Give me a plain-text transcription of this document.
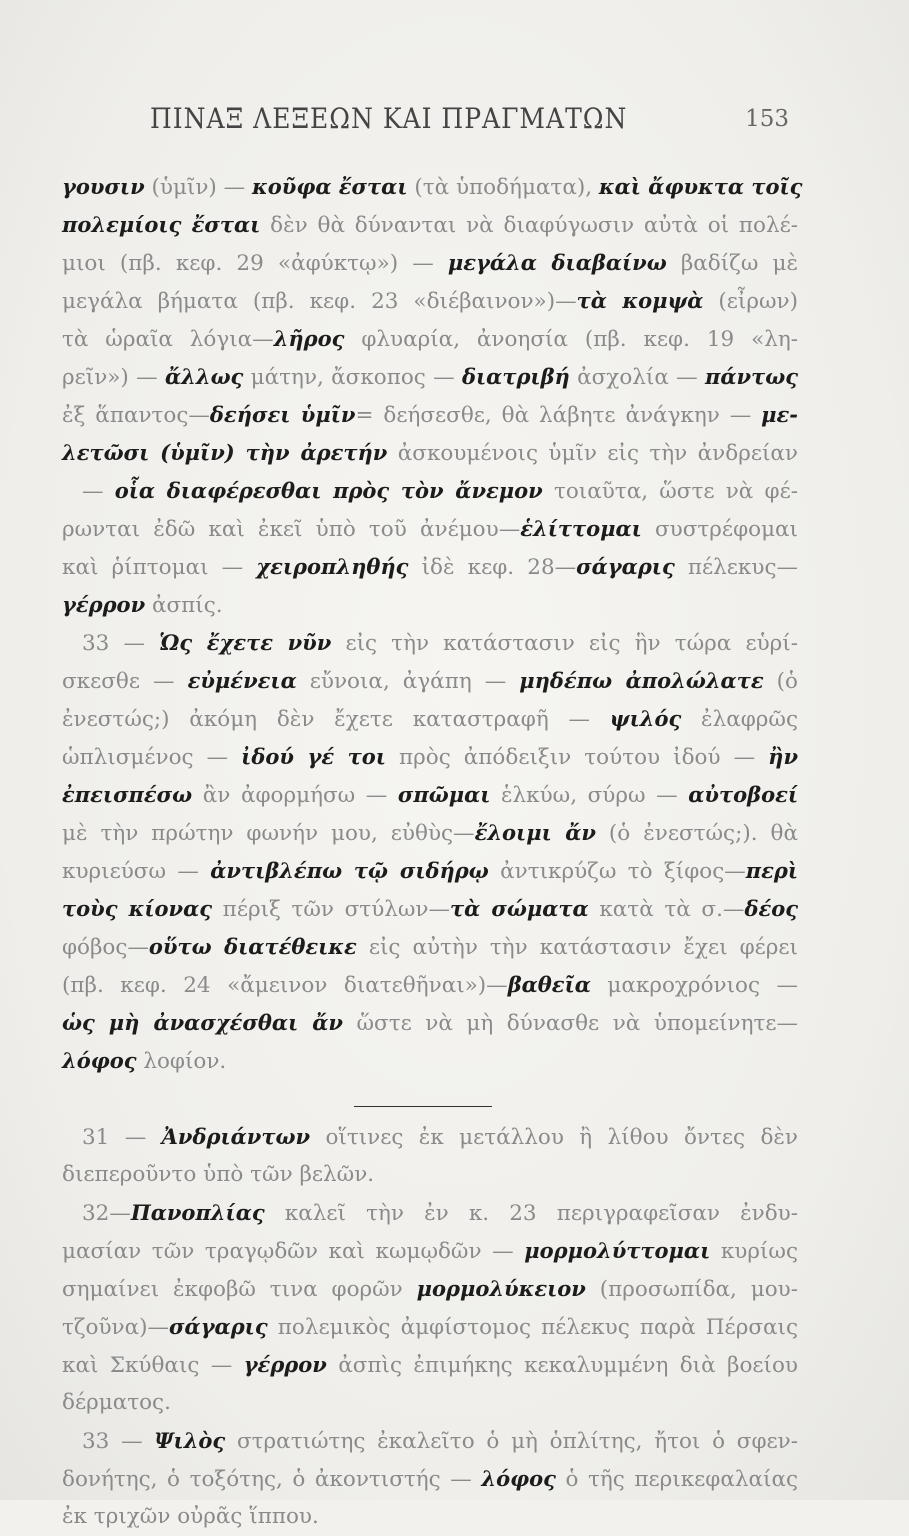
ΠΙΝΑΞ ΛΕΞΕΩΝ ΚΑΙ ΠΡΑΓΜΑΤΩΝ	153
γουσιν (ὑμῖν) — κοῦφα ἔσται (τὰ ὑποδήματα), καὶ ἄφυκτα τοῖς
πολεμίοις ἔσται δὲν θὰ δύνανται νὰ διαφύγωσιν αὐτὰ οἱ πολέ-
μιοι (πβ. κεφ. 29 «ἀφύκτῳ») — μεγάλα διαβαίνω βαδίζω μὲ
μεγάλα βήματα (πβ. κεφ. 23 «διέβαινον»)—τὰ κομψὰ (εἶρων)
τὰ ὡραῖα λόγια—λῆρος φλυαρία, ἀνοησία (πβ. κεφ. 19 «λη-
ρεῖν») — ἄλλως μάτην, ἄσκοπος — διατριβή ἀσχολία — πάντως
ἐξ ἅπαντος—δεήσει ὑμῖν= δεήσεσθε, θὰ λάβητε ἀνάγκην — με-
λετῶσι (ὑμῖν) τὴν ἀρετήν ἀσκουμένοις ὑμῖν εἰς τὴν ἀνδρείαν
— οἷα διαφέρεσθαι πρὸς τὸν ἄνεμον τοιαῦτα, ὥστε νὰ φέ-
ρωνται ἐδῶ καὶ ἐκεῖ ὑπὸ τοῦ ἀνέμου—ἑλίττομαι συστρέφομαι
καὶ ῥίπτομαι — χειροπληθής ἰδὲ κεφ. 28—σάγαρις πέλεκυς—
γέρρον ἀσπίς.
33 — Ὡς ἔχετε νῦν εἰς τὴν κατάστασιν εἰς ἣν τώρα εὑρί-
σκεσθε — εὐμένεια εὔνοια, ἀγάπη — μηδέπω ἀπολώλατε (ὁ
ἐνεστώς;) ἀκόμη δὲν ἔχετε καταστραφῆ — ψιλός ἐλαφρῶς
ὡπλισμένος — ἰδού γέ τοι πρὸς ἀπόδειξιν τούτου ἰδού — ἢν
ἐπεισπέσω ἂν ἀφορμήσω — σπῶμαι ἑλκύω, σύρω — αὐτοβοεί
μὲ τὴν πρώτην φωνήν μου, εὐθὺς—ἔλοιμι ἄν (ὁ ἐνεστώς;). θὰ
κυριεύσω — ἀντιβλέπω τῷ σιδήρῳ ἀντικρύζω τὸ ξίφος—περὶ
τοὺς κίονας πέριξ τῶν στύλων—τὰ σώματα κατὰ τὰ σ.—δέος
φόβος—οὕτω διατέθεικε εἰς αὐτὴν τὴν κατάστασιν ἔχει φέρει
(πβ. κεφ. 24 «ἄμεινον διατεθῆναι»)—βαθεῖα μακροχρόνιος —
ὡς μὴ ἀνασχέσθαι ἄν ὥστε νὰ μὴ δύνασθε νὰ ὑπομείνητε—
λόφος λοφίον.
31 — Ἀνδριάντων οἵτινες ἐκ μετάλλου ἢ λίθου ὄντες δὲν
διεπεροῦντο ὑπὸ τῶν βελῶν.
32—Πανοπλίας καλεῖ τὴν ἐν κ. 23 περιγραφεῖσαν ἐνδυ-
μασίαν τῶν τραγῳδῶν καὶ κωμῳδῶν — μορμολύττομαι κυρίως
σημαίνει ἐκφοβῶ τινα φορῶν μορμολύκειον (προσωπίδα, μου-
τζοῦνα)—σάγαρις πολεμικὸς ἀμφίστομος πέλεκυς παρὰ Πέρσαις
καὶ Σκύθαις — γέρρον ἀσπὶς ἐπιμήκης κεκαλυμμένη διὰ βοείου
δέρματος.
33 — Ψιλὸς στρατιώτης ἐκαλεῖτο ὁ μὴ ὁπλίτης, ἤτοι ὁ σφεν-
δονήτης, ὁ τοξότης, ὁ ἀκοντιστής — λόφος ὁ τῆς περικεφαλαίας
ἐκ τριχῶν οὐρᾶς ἵππου.
